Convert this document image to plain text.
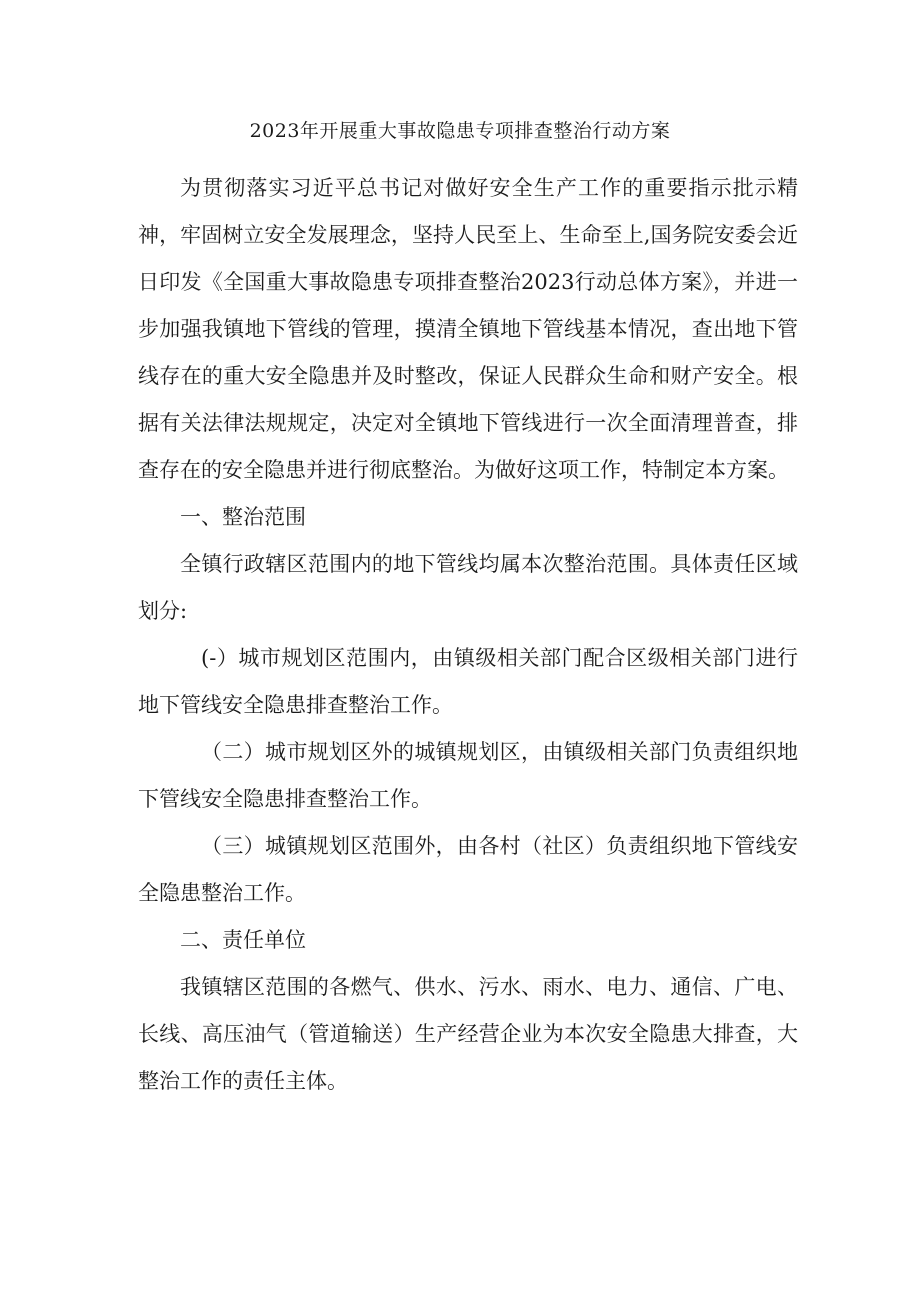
2023年开展重大事故隐患专项排查整治行动方案

为贯彻落实习近平总书记对做好安全生产工作的重要指示批示精神，牢固树立安全发展理念，坚持人民至上、生命至上,国务院安委会近日印发《全国重大事故隐患专项排查整治2023行动总体方案》，并进一步加强我镇地下管线的管理，摸清全镇地下管线基本情况，查出地下管线存在的重大安全隐患并及时整改，保证人民群众生命和财产安全。根据有关法律法规规定，决定对全镇地下管线进行一次全面清理普查，排查存在的安全隐患并进行彻底整治。为做好这项工作，特制定本方案。

一、整治范围

全镇行政辖区范围内的地下管线均属本次整治范围。具体责任区域划分:

(-）城市规划区范围内，由镇级相关部门配合区级相关部门进行地下管线安全隐患排查整治工作。

（二）城市规划区外的城镇规划区，由镇级相关部门负责组织地下管线安全隐患排查整治工作。

（三）城镇规划区范围外，由各村（社区）负责组织地下管线安全隐患整治工作。

二、责任单位

我镇辖区范围的各燃气、供水、污水、雨水、电力、通信、广电、长线、高压油气（管道输送）生产经营企业为本次安全隐患大排查，大整治工作的责任主体。
